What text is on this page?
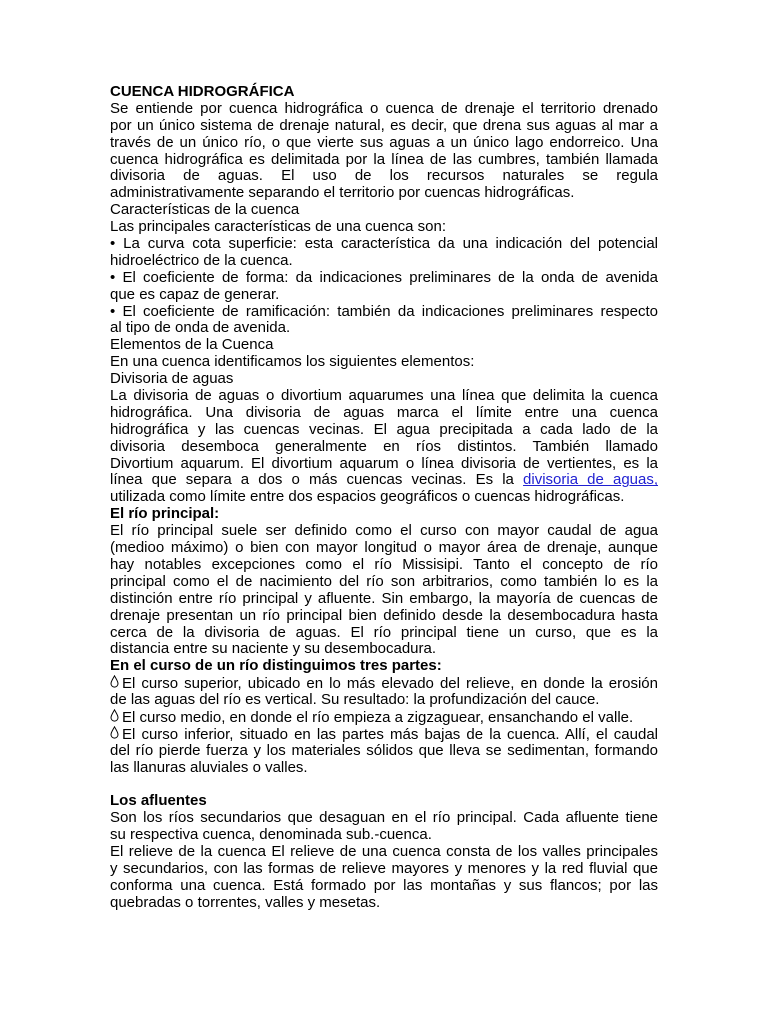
CUENCA HIDROGRÁFICA
Se entiende por cuenca hidrográfica o cuenca de drenaje el territorio drenado
por un único sistema de drenaje natural, es decir, que drena sus aguas al mar a
través de un único río, o que vierte sus aguas a un único lago endorreico. Una
cuenca hidrográfica es delimitada por la línea de las cumbres, también llamada
divisoria de aguas. El uso de los recursos naturales se regula
administrativamente separando el territorio por cuencas hidrográficas.
Características de la cuenca
Las principales características de una cuenca son:
• La curva cota superficie: esta característica da una indicación del potencial
hidroeléctrico de la cuenca.
• El coeficiente de forma: da indicaciones preliminares de la onda de avenida
que es capaz de generar.
• El coeficiente de ramificación: también da indicaciones preliminares respecto
al tipo de onda de avenida.
Elementos de la Cuenca
En una cuenca identificamos los siguientes elementos:
Divisoria de aguas
La divisoria de aguas o divortium aquarumes una línea que delimita la cuenca
hidrográfica. Una divisoria de aguas marca el límite entre una cuenca
hidrográfica y las cuencas vecinas. El agua precipitada a cada lado de la
divisoria desemboca generalmente en ríos distintos. También llamado
Divortium aquarum. El divortium aquarum o línea divisoria de vertientes, es la
línea que separa a dos o más cuencas vecinas. Es la divisoria de aguas,
utilizada como límite entre dos espacios geográficos o cuencas hidrográficas.
El río principal:
El río principal suele ser definido como el curso con mayor caudal de agua
(medioo máximo) o bien con mayor longitud o mayor área de drenaje, aunque
hay notables excepciones como el río Missisipi. Tanto el concepto de río
principal como el de nacimiento del río son arbitrarios, como también lo es la
distinción entre río principal y afluente. Sin embargo, la mayoría de cuencas de
drenaje presentan un río principal bien definido desde la desembocadura hasta
cerca de la divisoria de aguas. El río principal tiene un curso, que es la
distancia entre su naciente y su desembocadura.
En el curso de un río distinguimos tres partes:
El curso superior, ubicado en lo más elevado del relieve, en donde la erosión
de las aguas del río es vertical. Su resultado: la profundización del cauce.
El curso medio, en donde el río empieza a zigzaguear, ensanchando el valle.
El curso inferior, situado en las partes más bajas de la cuenca. Allí, el caudal
del río pierde fuerza y los materiales sólidos que lleva se sedimentan, formando
las llanuras aluviales o valles.
Los afluentes
Son los ríos secundarios que desaguan en el río principal. Cada afluente tiene
su respectiva cuenca, denominada sub.-cuenca.
El relieve de la cuenca El relieve de una cuenca consta de los valles principales
y secundarios, con las formas de relieve mayores y menores y la red fluvial que
conforma una cuenca. Está formado por las montañas y sus flancos; por las
quebradas o torrentes, valles y mesetas.
